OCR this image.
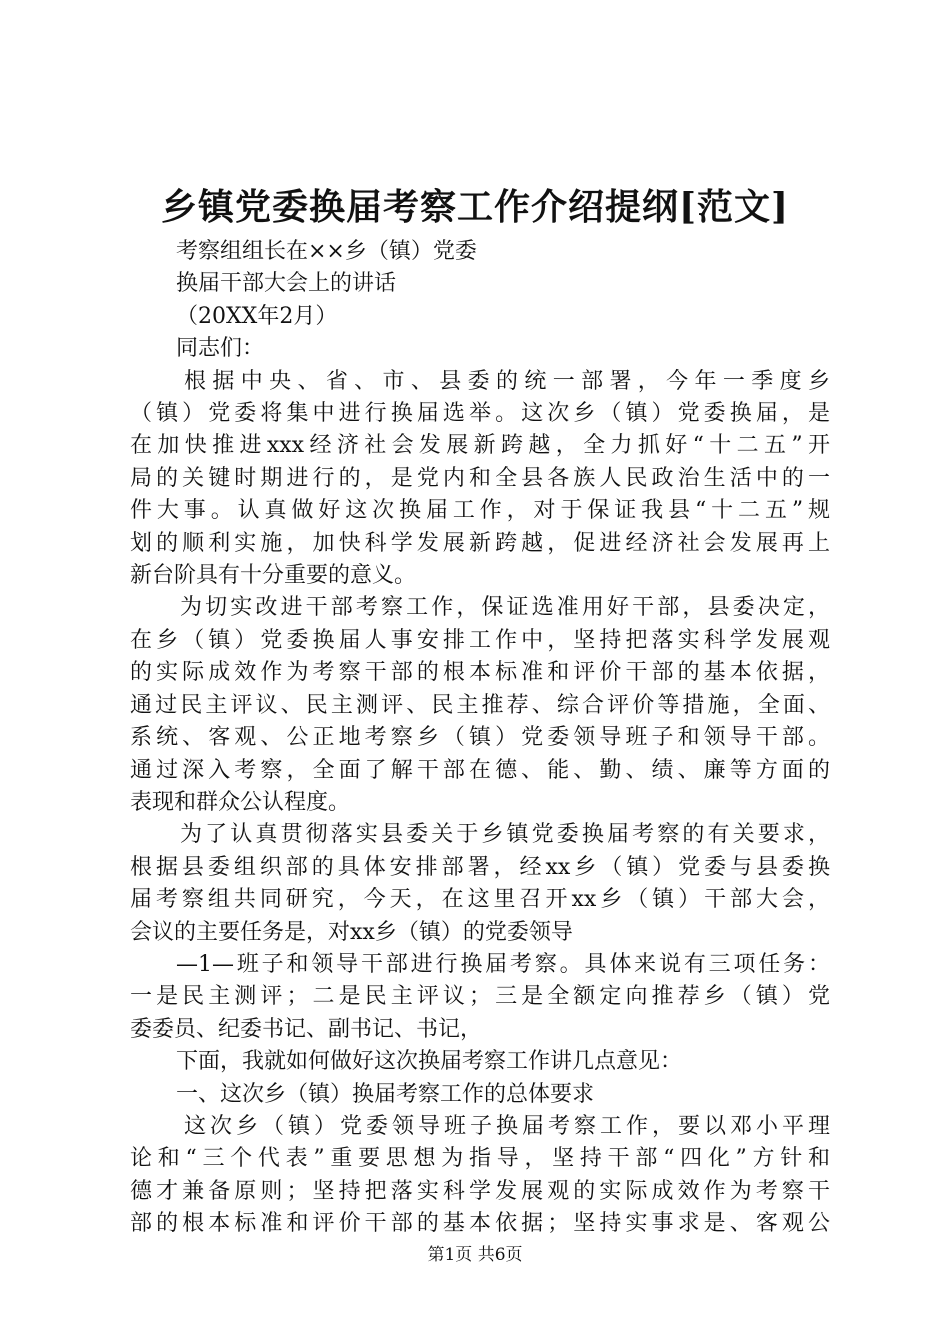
乡镇党委换届考察工作介绍提纲[范文]
考察组组长在××乡（镇）党委
换届干部大会上的讲话
（20XX年2月）
同志们：
根据中央、省、市、县委的统一部署，今年一季度乡
（镇）党委将集中进行换届选举。这次乡（镇）党委换届，是
在加快推进xxx经济社会发展新跨越，全力抓好“十二五”开
局的关键时期进行的，是党内和全县各族人民政治生活中的一
件大事。认真做好这次换届工作，对于保证我县“十二五”规
划的顺利实施，加快科学发展新跨越，促进经济社会发展再上
新台阶具有十分重要的意义。
为切实改进干部考察工作，保证选准用好干部，县委决定，
在乡（镇）党委换届人事安排工作中，坚持把落实科学发展观
的实际成效作为考察干部的根本标准和评价干部的基本依据，
通过民主评议、民主测评、民主推荐、综合评价等措施，全面、
系统、客观、公正地考察乡（镇）党委领导班子和领导干部。
通过深入考察，全面了解干部在德、能、勤、绩、廉等方面的
表现和群众公认程度。
为了认真贯彻落实县委关于乡镇党委换届考察的有关要求，
根据县委组织部的具体安排部署，经xx乡（镇）党委与县委换
届考察组共同研究，今天，在这里召开xx乡（镇）干部大会，
会议的主要任务是，对xx乡（镇）的党委领导
—1—班子和领导干部进行换届考察。具体来说有三项任务：
一是民主测评；二是民主评议；三是全额定向推荐乡（镇）党
委委员、纪委书记、副书记、书记，
下面，我就如何做好这次换届考察工作讲几点意见：
一、这次乡（镇）换届考察工作的总体要求
这次乡（镇）党委领导班子换届考察工作，要以邓小平理
论和“三个代表”重要思想为指导，坚持干部“四化”方针和
德才兼备原则；坚持把落实科学发展观的实际成效作为考察干
部的根本标准和评价干部的基本依据；坚持实事求是、客观公
第1页 共6页
